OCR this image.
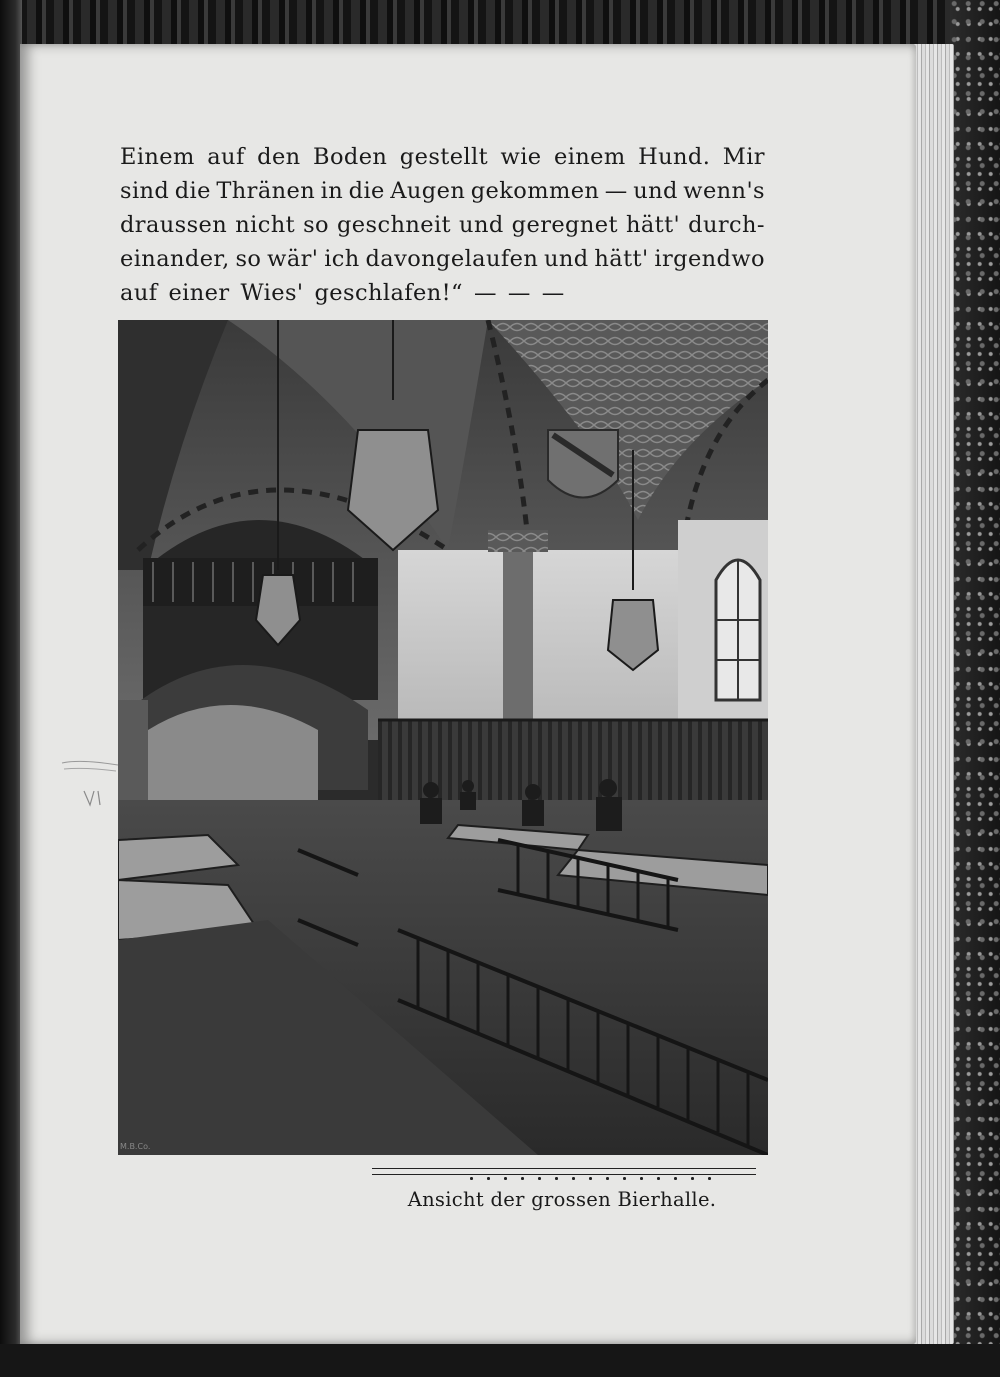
Einem auf den Boden gestellt wie einem Hund. Mir
sind die Thränen in die Augen gekommen — und wenn's
draussen nicht so geschneit und geregnet hätt' durch-
einander, so wär' ich davongelaufen und hätt' irgendwo
auf einer Wies' geschlafen!“ — — —
M.B.Co.
Ansicht der grossen Bierhalle.
